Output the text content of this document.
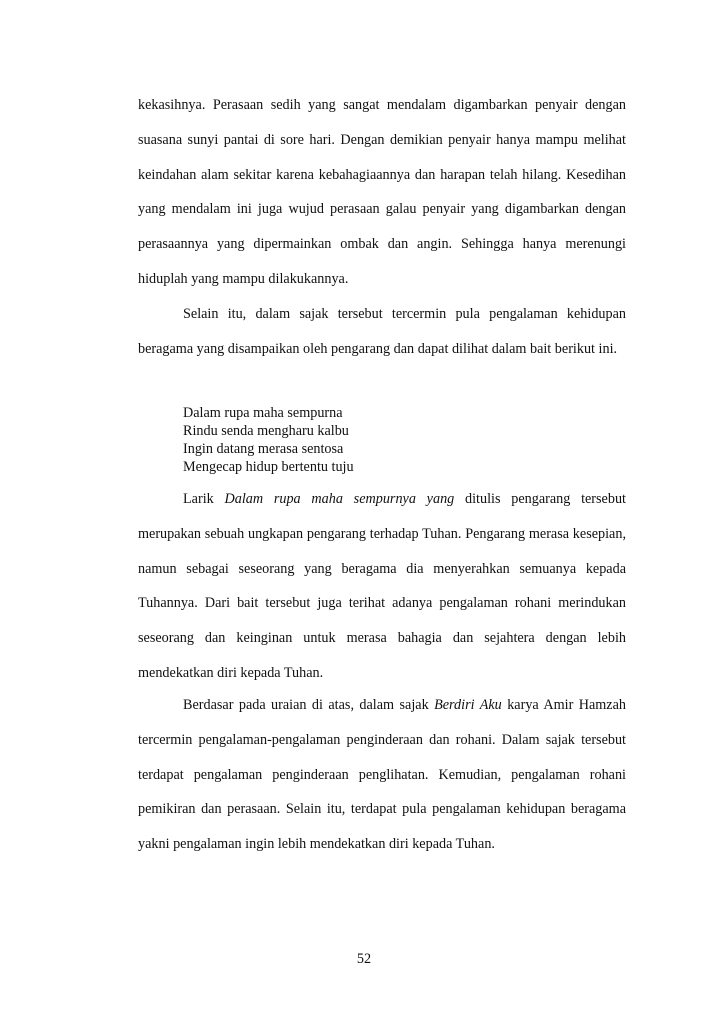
kekasihnya. Perasaan sedih yang sangat mendalam digambarkan penyair dengan suasana sunyi pantai di sore hari. Dengan demikian penyair hanya mampu melihat keindahan alam sekitar karena kebahagiaannya dan harapan telah hilang. Kesedihan yang mendalam ini juga wujud perasaan galau penyair yang digambarkan dengan perasaannya yang dipermainkan ombak dan angin. Sehingga hanya merenungi hiduplah yang mampu dilakukannya.

Selain itu, dalam sajak tersebut tercermin pula pengalaman kehidupan beragama yang disampaikan oleh pengarang dan dapat dilihat dalam bait berikut ini.

Dalam rupa maha sempurna
Rindu senda mengharu kalbu
Ingin datang merasa sentosa
Mengecap hidup bertentu tuju

Larik Dalam rupa maha sempurnya yang ditulis pengarang tersebut merupakan sebuah ungkapan pengarang terhadap Tuhan. Pengarang merasa kesepian, namun sebagai seseorang yang beragama dia menyerahkan semuanya kepada Tuhannya. Dari bait tersebut juga terihat adanya pengalaman rohani merindukan seseorang dan keinginan untuk merasa bahagia dan sejahtera dengan lebih mendekatkan diri kepada Tuhan.

Berdasar pada uraian di atas, dalam sajak Berdiri Aku karya Amir Hamzah tercermin pengalaman-pengalaman penginderaan dan rohani. Dalam sajak tersebut terdapat pengalaman penginderaan penglihatan. Kemudian, pengalaman rohani pemikiran dan perasaan. Selain itu, terdapat pula pengalaman kehidupan beragama yakni pengalaman ingin lebih mendekatkan diri kepada Tuhan.

52
